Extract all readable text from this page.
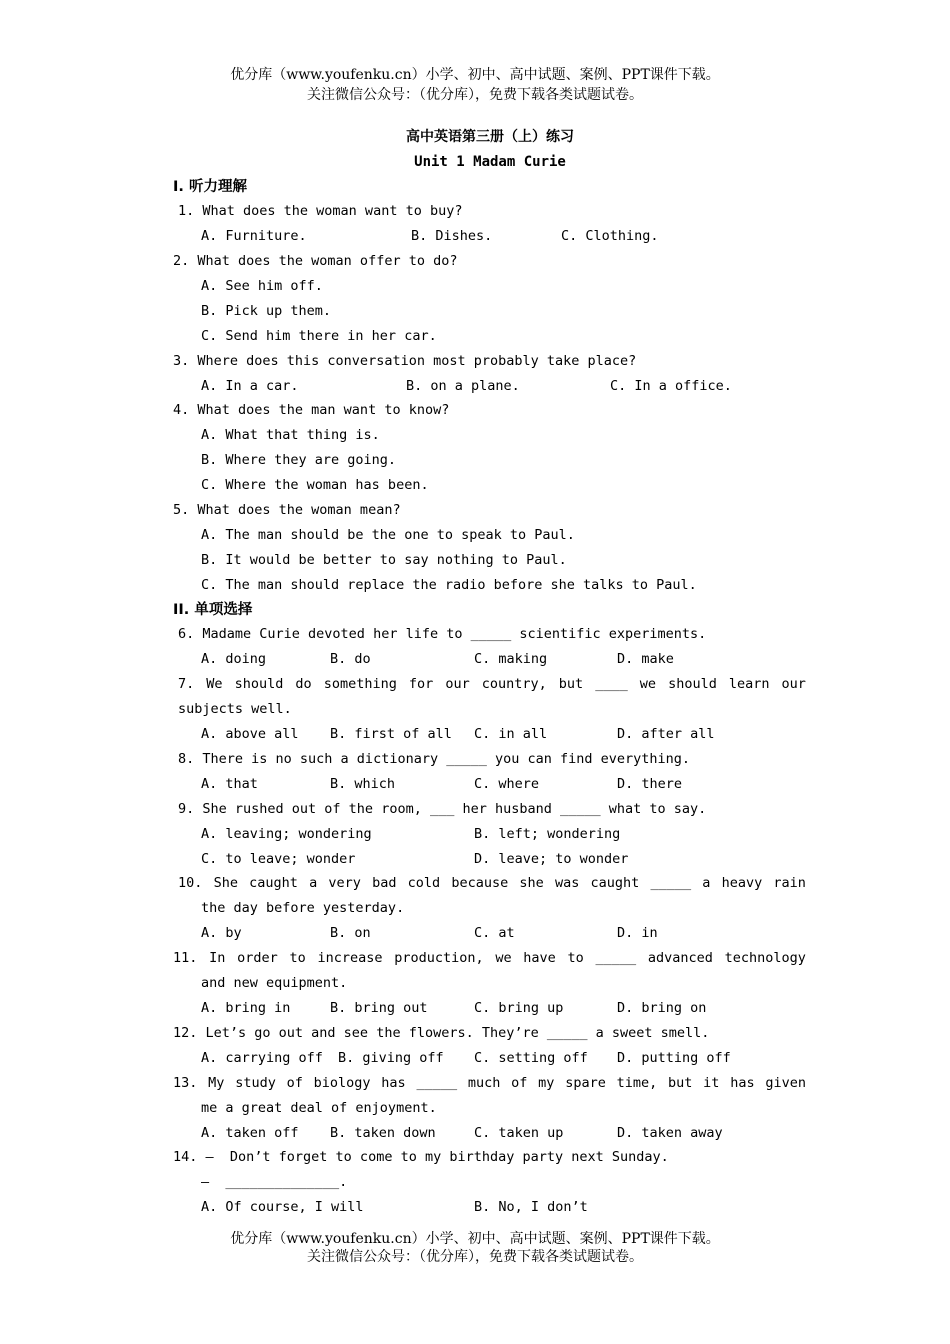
优分库（www.youfenku.cn）小学、初中、高中试题、案例、PPT课件下载。
关注微信公众号：（优分库），免费下载各类试题试卷。
高中英语第三册（上）练习
Unit 1 Madam Curie
I. 听力理解
1. What does the woman want to buy?
A. Furniture.	B. Dishes.	C. Clothing.
2. What does the woman offer to do?
A. See him off.
B. Pick up them.
C. Send him there in her car.
3. Where does this conversation most probably take place?
A. In a car.	B. on a plane.	C. In a office.
4. What does the man want to know?
A. What that thing is.
B. Where they are going.
C. Where the woman has been.
5. What does the woman mean?
A. The man should be the one to speak to Paul.
B. It would be better to say nothing to Paul.
C. The man should replace the radio before she talks to Paul.
II. 单项选择
6. Madame Curie devoted her life to _____ scientific experiments.
A. doing	B. do	C. making	D. make
7. We should do something for our country, but ____ we should learn our
subjects well.
A. above all B. first of all C. in all	D. after all
8. There is no such a dictionary _____ you can find everything.
A. that	B. which	C. where	D. there
9. She rushed out of the room, ___ her husband _____ what to say.
A. leaving; wondering	B. left; wondering
C. to leave; wonder	D. leave; to wonder
10. She caught a very bad cold because she was caught _____ a heavy rain
the day before yesterday.
A. by	B. on	C. at	D. in
11. In order to increase production, we have to _____ advanced technology
and new equipment.
A. bring in	B. bring out	C. bring up	D. bring on
12. Let’s go out and see the flowers. They’re _____ a sweet smell.
A. carrying off B. giving off C. setting off D. putting off
13. My study of biology has _____ much of my spare time, but it has given
me a great deal of enjoyment.
A. taken off B. taken down	C. taken up	D. taken away
14. —  Don’t forget to come to my birthday party next Sunday.
—  ______________.
A. Of course, I will	B. No, I don’t
优分库（www.youfenku.cn）小学、初中、高中试题、案例、PPT课件下载。
关注微信公众号：（优分库），免费下载各类试题试卷。
